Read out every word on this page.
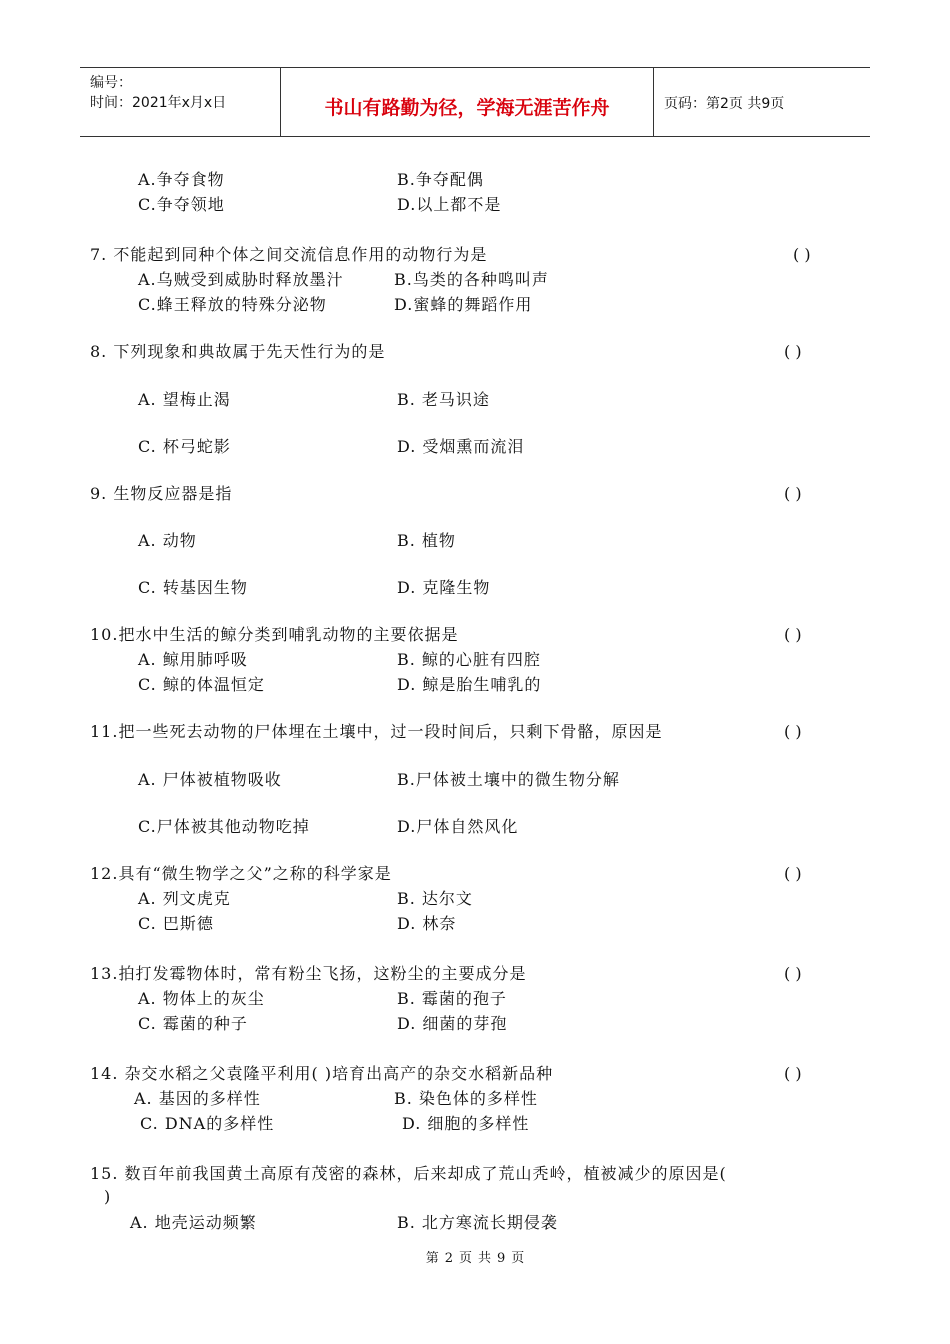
编号：
时间：2021年x月x日	书山有路勤为径，学海无涯苦作舟	页码：第2页 共9页
A.争夺食物	B.争夺配偶
C.争夺领地	D.以上都不是
7. 不能起到同种个体之间交流信息作用的动物行为是	( )
A.乌贼受到威胁时释放墨汁	B.鸟类的各种鸣叫声
C.蜂王释放的特殊分泌物	D.蜜蜂的舞蹈作用
8. 下列现象和典故属于先天性行为的是	( )
A. 望梅止渴	B. 老马识途
C. 杯弓蛇影	D. 受烟熏而流泪
9. 生物反应器是指	( )
A. 动物	B. 植物
C. 转基因生物	D. 克隆生物
10.把水中生活的鲸分类到哺乳动物的主要依据是	( )
A. 鲸用肺呼吸	B. 鲸的心脏有四腔
C. 鲸的体温恒定	D. 鲸是胎生哺乳的
11.把一些死去动物的尸体埋在土壤中，过一段时间后，只剩下骨骼，原因是	( )
A. 尸体被植物吸收	B.尸体被土壤中的微生物分解
C.尸体被其他动物吃掉	D.尸体自然风化
12.具有“微生物学之父”之称的科学家是	( )
A. 列文虎克	B. 达尔文
C. 巴斯德	D. 林奈
13.拍打发霉物体时，常有粉尘飞扬，这粉尘的主要成分是	( )
A. 物体上的灰尘	B. 霉菌的孢子
C. 霉菌的种子	D. 细菌的芽孢
14. 杂交水稻之父袁隆平利用( )培育出高产的杂交水稻新品种	( )
A. 基因的多样性	B. 染色体的多样性
C. DNA的多样性	D. 细胞的多样性
15. 数百年前我国黄土高原有茂密的森林，后来却成了荒山秃岭，植被减少的原因是(
)
A. 地壳运动频繁	B. 北方寒流长期侵袭
第 2 页 共 9 页
